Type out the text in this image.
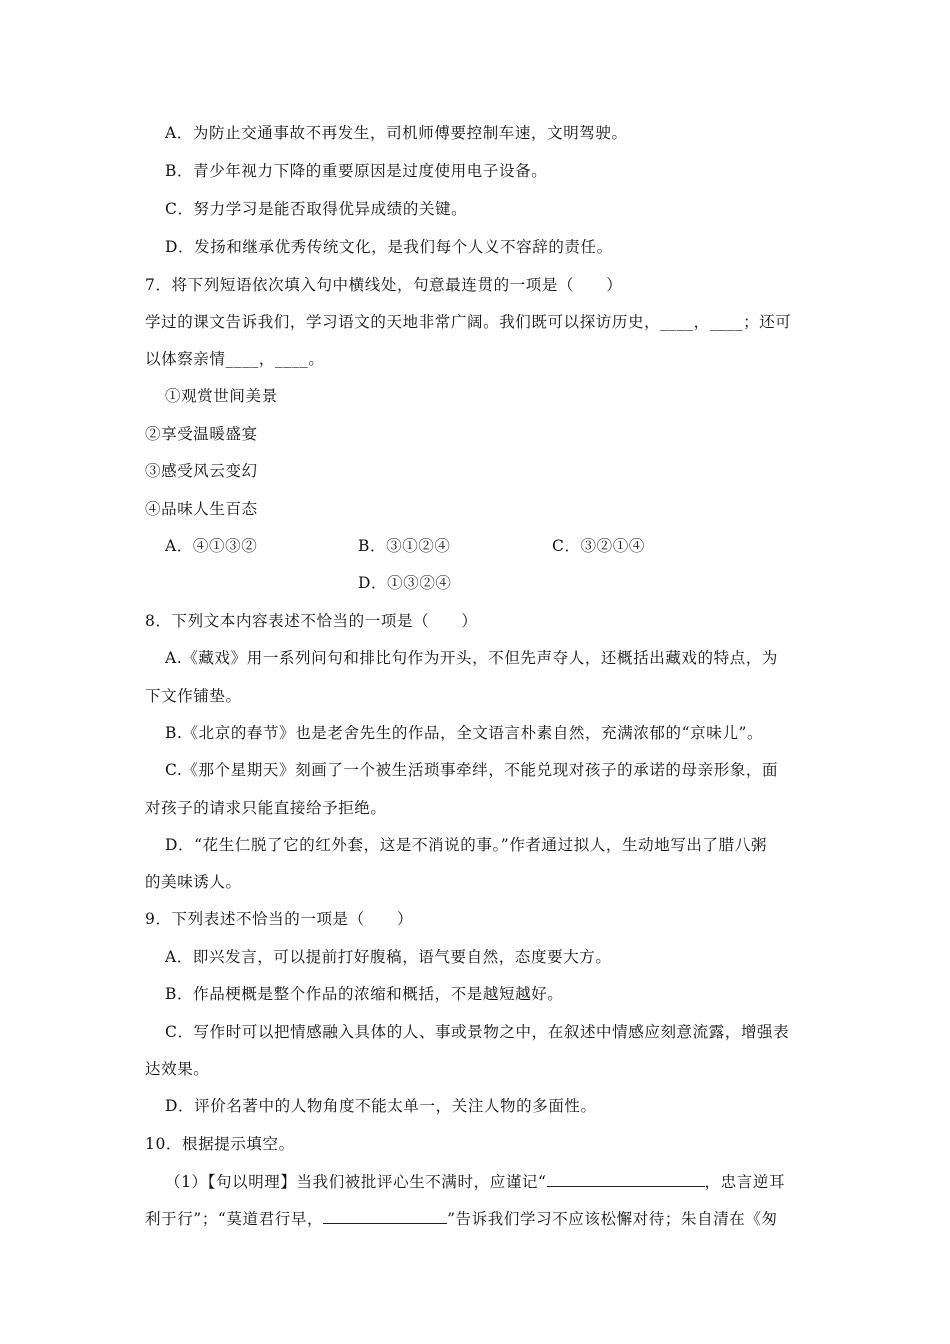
A．为防止交通事故不再发生，司机师傅要控制车速，文明驾驶。
B．青少年视力下降的重要原因是过度使用电子设备。
C．努力学习是能否取得优异成绩的关键。
D．发扬和继承优秀传统文化，是我们每个人义不容辞的责任。
7．将下列短语依次填入句中横线处，句意最连贯的一项是（　　）
学过的课文告诉我们，学习语文的天地非常广阔。我们既可以探访历史，____，____；还可
以体察亲情____，____。
①观赏世间美景
②享受温暖盛宴
③感受风云变幻
④品味人生百态
A．④①③②	B．③①②④	C．③②①④
D．①③②④
8．下列文本内容表述不恰当的一项是（　　）
A.《藏戏》用一系列问句和排比句作为开头，不但先声夺人，还概括出藏戏的特点，为
下文作铺垫。
B.《北京的春节》也是老舍先生的作品，全文语言朴素自然，充满浓郁的“京味儿”。
C.《那个星期天》刻画了一个被生活琐事牵绊，不能兑现对孩子的承诺的母亲形象，面
对孩子的请求只能直接给予拒绝。
D．“花生仁脱了它的红外套，这是不消说的事。”作者通过拟人，生动地写出了腊八粥
的美味诱人。
9．下列表述不恰当的一项是（　　）
A．即兴发言，可以提前打好腹稿，语气要自然，态度要大方。
B．作品梗概是整个作品的浓缩和概括，不是越短越好。
C．写作时可以把情感融入具体的人、事或景物之中，在叙述中情感应刻意流露，增强表
达效果。
D．评价名著中的人物角度不能太单一，关注人物的多面性。
10．根据提示填空。
（1）【句以明理】当我们被批评心生不满时，应谨记“	，忠言逆耳
利于行”；“莫道君行早，	”告诉我们学习不应该松懈对待；朱自清在《匆
